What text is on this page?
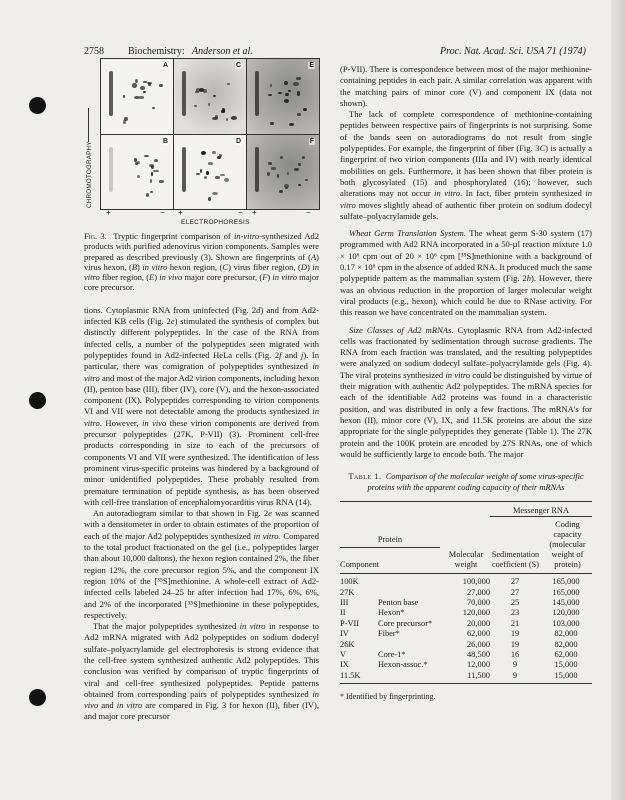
2758 Biochemistry: Anderson et al.	Proc. Nat. Acad. Sci. USA 71 (1974)
A	C	E
B	D	F
CHROMOTOGRAPHY
ELECTROPHORESIS
Fig. 3. Tryptic fingerprint comparison of in-vitro-synthesized Ad2 products with purified adenovirus virion components. Samples were prepared as described previously (3). Shown are fingerprints of (A) virus hexon, (B) in vitro hexon region, (C) virus fiber region, (D) in vitro fiber region, (E) in vivo major core precursor, (F) in vitro major core precursor.

tions. Cytoplasmic RNA from uninfected (Fig. 2d) and from Ad2-infected KB cells (Fig. 2e) stimulated the synthesis of complex but distinctly different polypeptides. In the case of the RNA from infected cells, a number of the polypeptides seen migrated with polypeptides found in Ad2-infected HeLa cells (Fig. 2f and j). In particular, there was comigration of polypeptides synthesized in vitro and most of the major Ad2 virion components, including hexon (II), penton base (III), fiber (IV), core (V), and the hexon-associated component (IX). Polypeptides corresponding to virion components VI and VII were not detectable among the products synthesized in vitro. However, in vivo these virion components are derived from precursor polypeptides (27K, P-VII) (3). Prominent cell-free products corresponding in size to each of the precursors of components VI and VII were synthesized. The identification of less prominent virus-specific proteins was hindered by a background of minor unidentified polypeptides. These probably resulted from premature termination of peptide synthesis, as has been observed with cell-free translation of encephalomyocarditis virus RNA (14).

An autoradiogram similar to that shown in Fig. 2e was scanned with a densitometer in order to obtain estimates of the proportion of each of the major Ad2 polypeptides synthesized in vitro. Compared to the total product fractionated on the gel (i.e., polypeptides larger than about 10,000 daltons), the hexon region contained 2%, the fiber region 12%, the core precursor region 5%, and the component IX region 10% of the [³⁵S]methionine. A whole-cell extract of Ad2-infected cells labeled 24–25 hr after infection had 17%, 6%, 6%, and 2% of the incorporated [³⁵S]methionine in these polypeptides, respectively.

That the major polypeptides synthesized in vitro in response to Ad2 mRNA migrated with Ad2 polypeptides on sodium dodecyl sulfate–polyacrylamide gel electrophoresis is strong evidence that the cell-free system synthesized authentic Ad2 polypeptides. This conclusion was verified by comparison of tryptic fingerprints of viral and cell-free synthesized polypeptides. Peptide patterns obtained from corresponding pairs of polypeptides synthesized in vivo and in vitro are compared in Fig. 3 for hexon (II), fiber (IV), and major core precursor

(P-VII). There is correspondence between most of the major methionine-containing peptides in each pair. A similar correlation was apparent with the matching pairs of minor core (V) and component IX (data not shown).

The lack of complete correspondence of methionine-containing peptides between respective pairs of fingerprints is not surprising. Some of the bands seen on autoradiograms do not result from single polypeptides. For example, the fingerprint of fiber (Fig. 3C) is actually a fingerprint of two virion components (IIIa and IV) with nearly identical mobilities on gels. Furthermore, it has been shown that fiber protein is both glycosylated (15) and phosphorylated (16); however, such alterations may not occur in vitro. In fact, fiber protein synthesized in vitro moves slightly ahead of authentic fiber protein on sodium dodecyl sulfate–polyacrylamide gels.

Wheat Germ Translation System. The wheat germ S-30 system (17) programmed with Ad2 RNA incorporated in a 50-µl reaction mixture 1.0 × 10⁶ cpm out of 20 × 10⁶ cpm [³⁵S]methionine with a background of 0.17 × 10⁶ cpm in the absence of added RNA. It produced much the same polypeptide pattern as the mammalian system (Fig. 2h). However, there was an obvious reduction in the proportion of larger molecular weight viral products (e.g., hexon), which could be due to RNase activity. For this reason we have concentrated on the mammalian system.

Size Classes of Ad2 mRNAs. Cytoplasmic RNA from Ad2-infected cells was fractionated by sedimentation through sucrose gradients. The RNA from each fraction was translated, and the resulting polypeptides were analyzed on sodium dodecyl sulfate–polyacrylamide gels (Fig. 4). The viral proteins synthesized in vitro could be distinguished by virtue of their migration with authentic Ad2 polypeptides. The mRNA species for each of the identifiable Ad2 proteins was found in a characteristic position, and was distributed in only a few fractions. The mRNA's for hexon (II), minor core (V), IX, and 11.5K proteins are about the size appropriate for the single polypeptides they generate (Table 1). The 27K protein and the 100K protein are encoded by 27S RNAs, one of which would be sufficiently large to encode both. The major

Table 1. Comparison of the molecular weight of some virus-specific proteins with the apparent coding capacity of their mRNAs
Messenger RNA
Protein
Component
Molecular weight
Sedimentation coefficient (S)
Coding capacity (molecular weight of protein)
100K	100,000	27	165,000
27K	27,000	27	165,000
III	Penton base	70,000	25	145,000
II	Hexon*	120,000	23	120,000
P-VII	Core precursor*	20,000	21	103,000
IV	Fiber*	62,000	19	82,000
26K	26,000	19	82,000
V	Core-1*	48,500	16	62,000
IX	Hexon-assoc.*	12,000	9	15,000
11.5K	11,500	9	15,000
* Identified by fingerprinting.
+	− +	− +	−
